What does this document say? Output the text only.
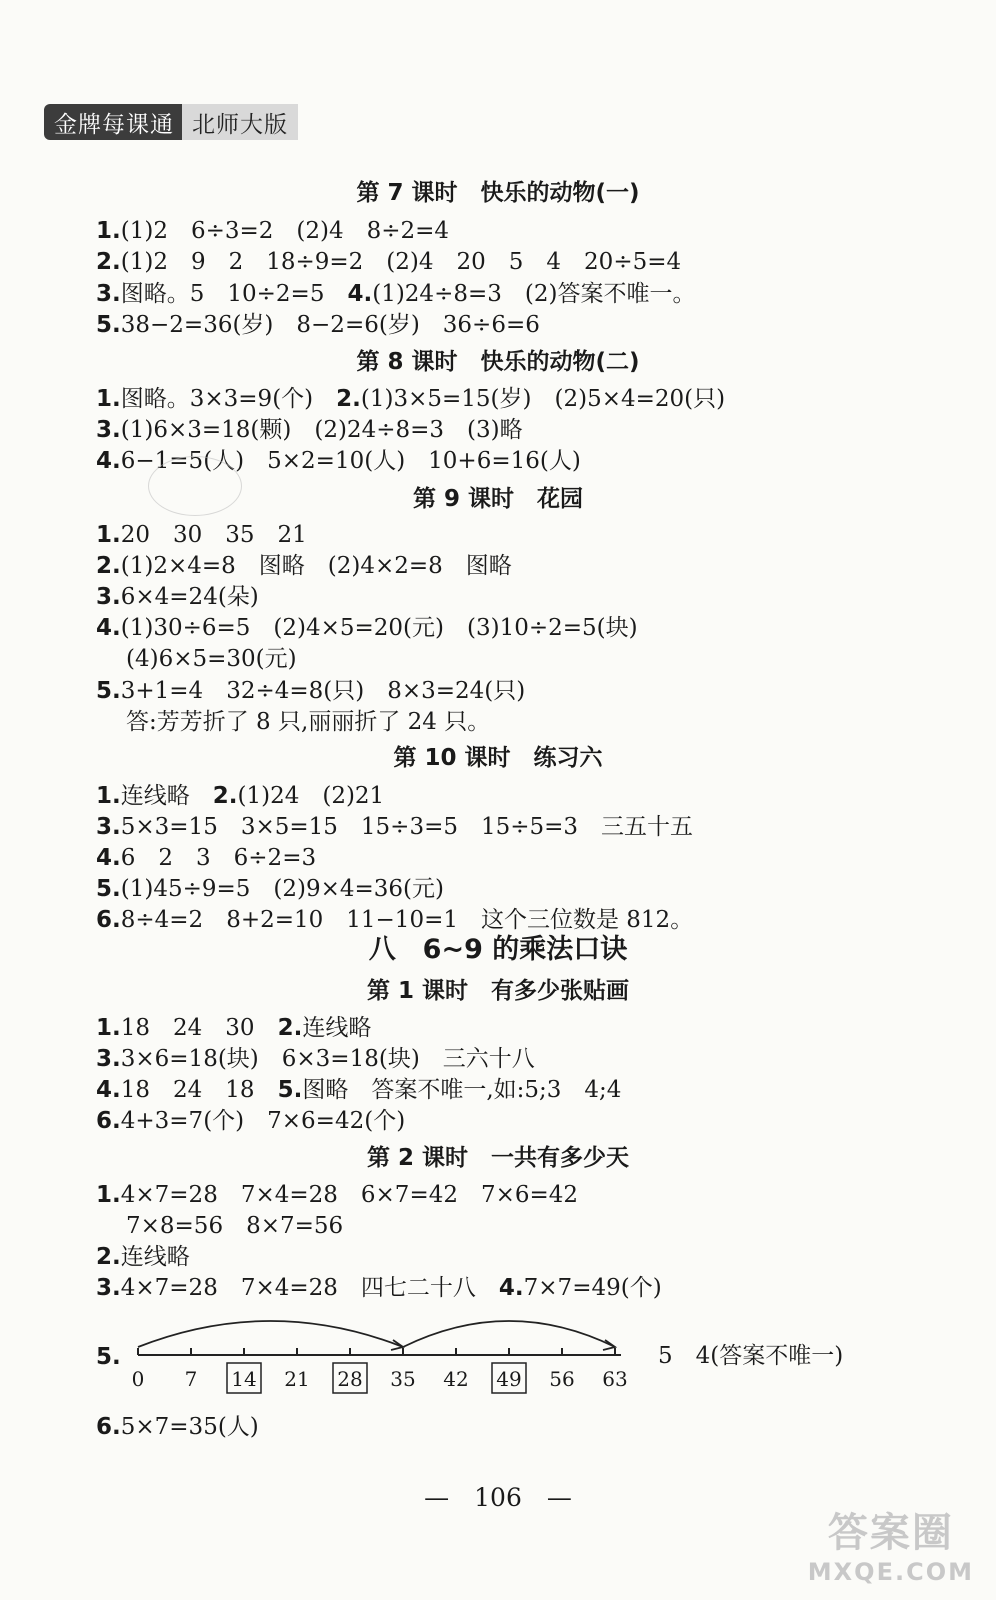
金牌每课通 北师大版
第 7 课时　快乐的动物(一)
1.(1)2　6÷3=2　(2)4　8÷2=4
2.(1)2　9　2　18÷9=2　(2)4　20　5　4　20÷5=4
3.图略。5　10÷2=5　4.(1)24÷8=3　(2)答案不唯一。
5.38−2=36(岁)　8−2=6(岁)　36÷6=6
第 8 课时　快乐的动物(二)
1.图略。3×3=9(个)　2.(1)3×5=15(岁)　(2)5×4=20(只)
3.(1)6×3=18(颗)　(2)24÷8=3　(3)略
4.6−1=5(人)　5×2=10(人)　10+6=16(人)
第 9 课时　花园
1.20　30　35　21
2.(1)2×4=8　图略　(2)4×2=8　图略
3.6×4=24(朵)
4.(1)30÷6=5　(2)4×5=20(元)　(3)10÷2=5(块)
(4)6×5=30(元)
5.3+1=4　32÷4=8(只)　8×3=24(只)
答:芳芳折了 8 只,丽丽折了 24 只。
第 10 课时　练习六
1.连线略　2.(1)24　(2)21
3.5×3=15　3×5=15　15÷3=5　15÷5=3　三五十五
4.6　2　3　6÷2=3
5.(1)45÷9=5　(2)9×4=36(元)
6.8÷4=2　8+2=10　11−10=1　这个三位数是 812。
八　6~9 的乘法口诀
第 1 课时　有多少张贴画
1.18　24　30　2.连线略
3.3×6=18(块)　6×3=18(块)　三六十八
4.18　24　18　5.图略　答案不唯一,如:5;3　4;4
6.4+3=7(个)　7×6=42(个)
第 2 课时　一共有多少天
1.4×7=28　7×4=28　6×7=42　7×6=42
7×8=56　8×7=56
2.连线略
3.4×7=28　7×4=28　四七二十八　4.7×7=49(个)
5.
0 7 14 21 28 35 42 49 56 63
5　4(答案不唯一)
6.5×7=35(人)
—　106　—
答案圈
MXQE.COM
